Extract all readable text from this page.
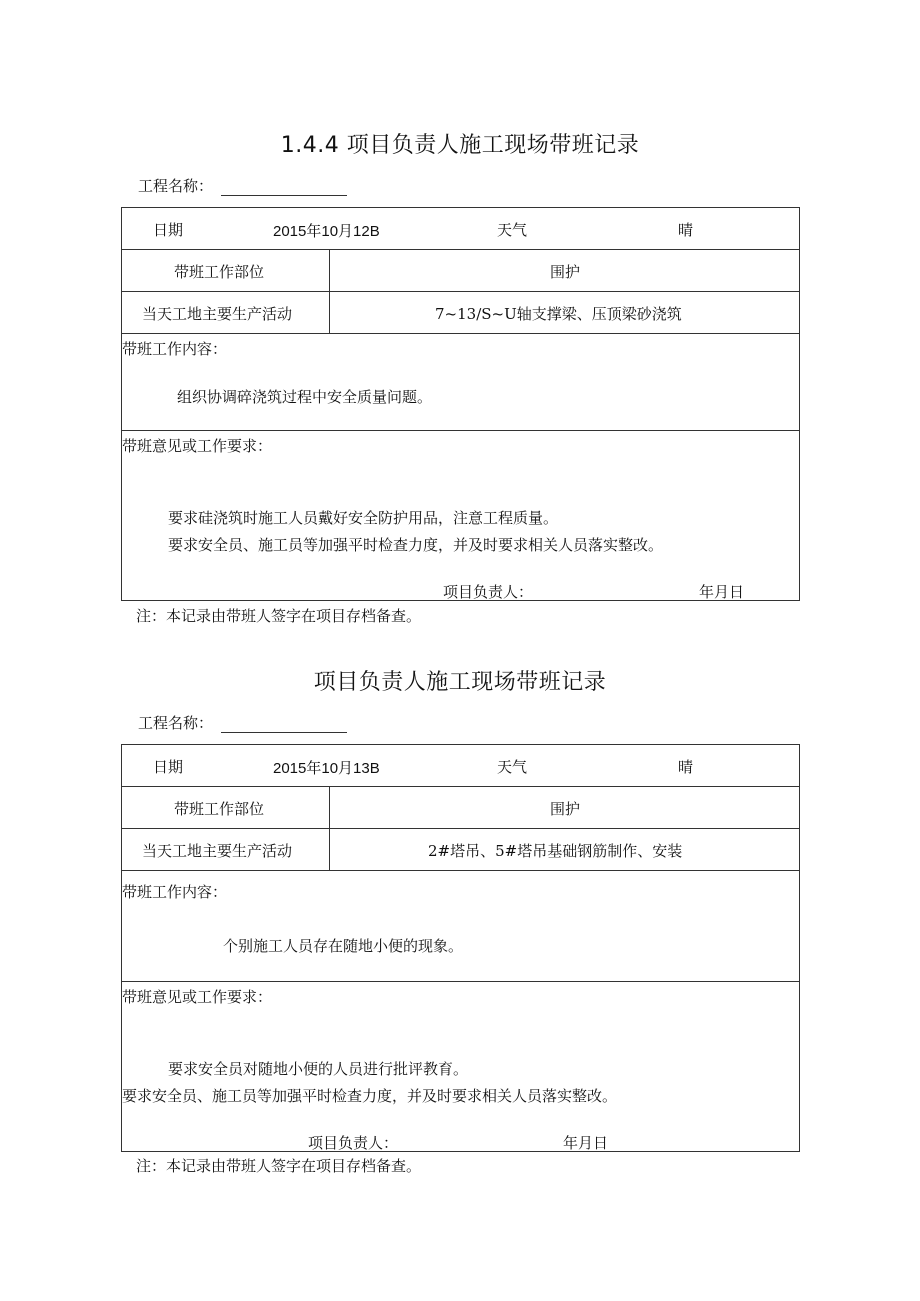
1.4.4 项目负责人施工现场带班记录
工程名称：
日期	2015年10月12B	天气	晴
带班工作部位	围护
当天工地主要生产活动	7~13∕S~U轴支撑梁、压顶梁砂浇筑
带班工作内容：
组织协调碎浇筑过程中安全质量问题。
带班意见或工作要求：
要求硅浇筑时施工人员戴好安全防护用品，注意工程质量。
要求安全员、施工员等加强平时检查力度，并及时要求相关人员落实整改。
项目负责人：	年月日
注：本记录由带班人签字在项目存档备查。
项目负责人施工现场带班记录
工程名称：
日期	2015年10月13B	天气	晴
带班工作部位	围护
当天工地主要生产活动	2#塔吊、5#塔吊基础钢筋制作、安装
带班工作内容：
个别施工人员存在随地小便的现象。
带班意见或工作要求：
要求安全员对随地小便的人员进行批评教育。
要求安全员、施工员等加强平时检查力度，并及时要求相关人员落实整改。
项目负责人：	年月日
注：本记录由带班人签字在项目存档备查。
